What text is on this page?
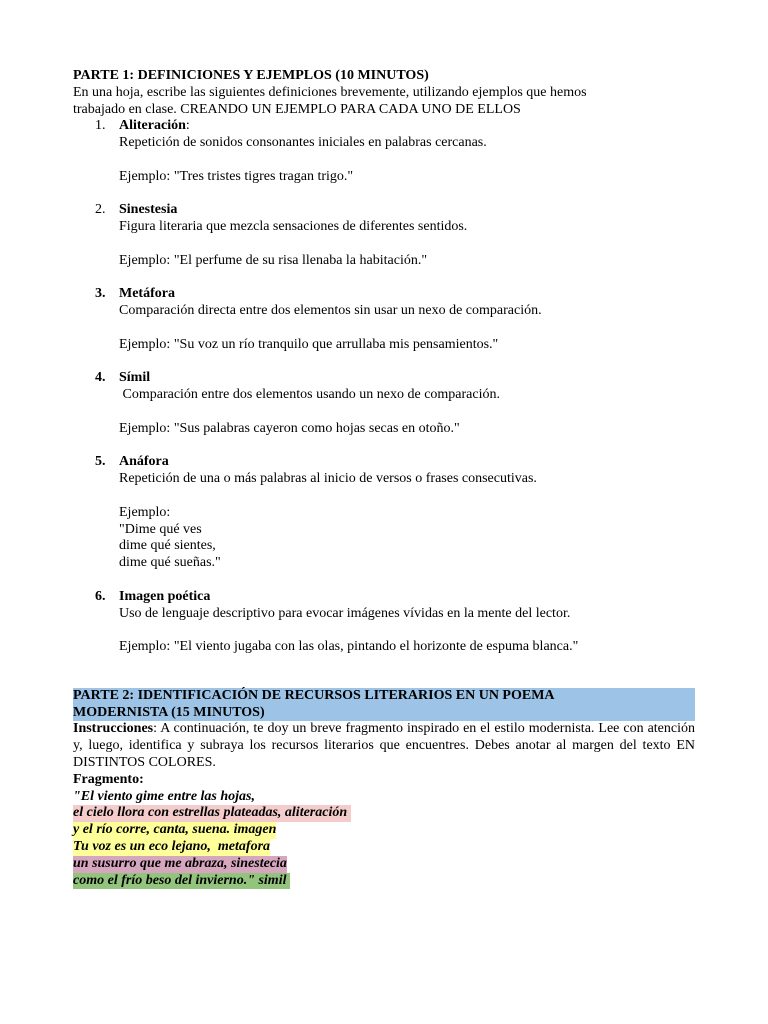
PARTE 1: DEFINICIONES Y EJEMPLOS (10 MINUTOS)
En una hoja, escribe las siguientes definiciones brevemente, utilizando ejemplos que hemos
trabajado en clase. CREANDO UN EJEMPLO PARA CADA UNO DE ELLOS
1. Aliteración:
Repetición de sonidos consonantes iniciales en palabras cercanas.
Ejemplo: "Tres tristes tigres tragan trigo."
2. Sinestesia
Figura literaria que mezcla sensaciones de diferentes sentidos.
Ejemplo: "El perfume de su risa llenaba la habitación."
3. Metáfora
Comparación directa entre dos elementos sin usar un nexo de comparación.
Ejemplo: "Su voz un río tranquilo que arrullaba mis pensamientos."
4. Símil
Comparación entre dos elementos usando un nexo de comparación.
Ejemplo: "Sus palabras cayeron como hojas secas en otoño."
5. Anáfora
Repetición de una o más palabras al inicio de versos o frases consecutivas.
Ejemplo:
"Dime qué ves
dime qué sientes,
dime qué sueñas."
6. Imagen poética
Uso de lenguaje descriptivo para evocar imágenes vívidas en la mente del lector.
Ejemplo: "El viento jugaba con las olas, pintando el horizonte de espuma blanca."
PARTE 2: IDENTIFICACIÓN DE RECURSOS LITERARIOS EN UN POEMA
MODERNISTA (15 MINUTOS)
Instrucciones: A continuación, te doy un breve fragmento inspirado en el estilo modernista. Lee con atención y, luego, identifica y subraya los recursos literarios que encuentres. Debes anotar al margen del texto EN DISTINTOS COLORES.
Fragmento:
"El viento gime entre las hojas,
el cielo llora con estrellas plateadas, aliteración
y el río corre, canta, suena. imagen
Tu voz es un eco lejano,  metafora
un susurro que me abraza, sinestecia
como el frío beso del invierno." simil
